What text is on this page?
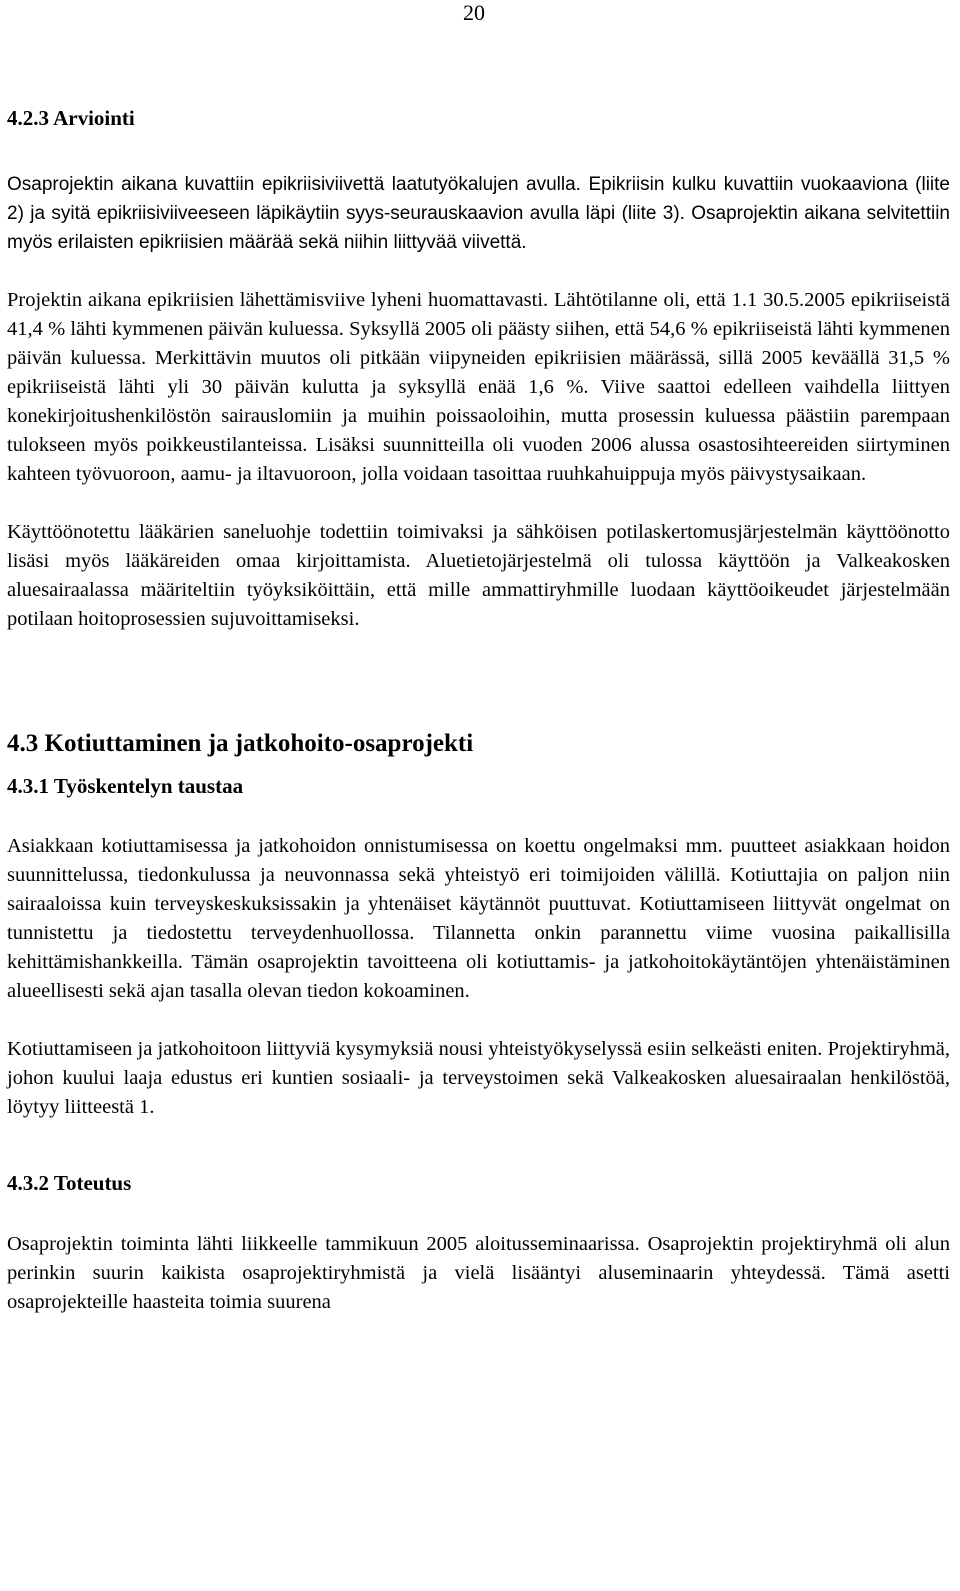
20
4.2.3 Arviointi

Osaprojektin aikana kuvattiin epikriisiviivettä laatutyökalujen avulla. Epikriisin kulku kuvattiin vuokaaviona (liite 2) ja syitä epikriisiviiveeseen läpikäytiin syys-seurauskaavion avulla läpi (liite 3). Osaprojektin aikana selvitettiin myös erilaisten epikriisien määrää sekä niihin liittyvää viivettä.

Projektin aikana epikriisien lähettämisviive lyheni huomattavasti. Lähtötilanne oli, että 1.1 30.5.2005 epikriiseistä 41,4 % lähti kymmenen päivän kuluessa. Syksyllä 2005 oli päästy siihen, että 54,6 % epikriiseistä lähti kymmenen päivän kuluessa. Merkittävin muutos oli pitkään viipyneiden epikriisien määrässä, sillä 2005 keväällä 31,5 % epikriiseistä lähti yli 30 päivän kulutta ja syksyllä enää 1,6 %. Viive saattoi edelleen vaihdella liittyen konekirjoitushenkilöstön sairauslomiin ja muihin poissaoloihin, mutta prosessin kuluessa päästiin parempaan tulokseen myös poikkeustilanteissa. Lisäksi suunnitteilla oli vuoden 2006 alussa osastosihteereiden siirtyminen kahteen työvuoroon, aamu- ja iltavuoroon, jolla voidaan tasoittaa ruuhkahuippuja myös päivystysaikaan.

Käyttöönotettu lääkärien saneluohje todettiin toimivaksi ja sähköisen potilaskertomusjärjestelmän käyttöönotto lisäsi myös lääkäreiden omaa kirjoittamista. Aluetietojärjestelmä oli tulossa käyttöön ja Valkeakosken aluesairaalassa määriteltiin työyksiköittäin, että mille ammattiryhmille luodaan käyttöoikeudet järjestelmään potilaan hoitoprosessien sujuvoittamiseksi.

4.3 Kotiuttaminen ja jatkohoito-osaprojekti
4.3.1 Työskentelyn taustaa

Asiakkaan kotiuttamisessa ja jatkohoidon onnistumisessa on koettu ongelmaksi mm. puutteet asiakkaan hoidon suunnittelussa, tiedonkulussa ja neuvonnassa sekä yhteistyö eri toimijoiden välillä. Kotiuttajia on paljon niin sairaaloissa kuin terveyskeskuksissakin ja yhtenäiset käytännöt puuttuvat. Kotiuttamiseen liittyvät ongelmat on tunnistettu ja tiedostettu terveydenhuollossa. Tilannetta onkin parannettu viime vuosina paikallisilla kehittämishankkeilla. Tämän osaprojektin tavoitteena oli kotiuttamis- ja jatkohoitokäytäntöjen yhtenäistäminen alueellisesti sekä ajan tasalla olevan tiedon kokoaminen.

Kotiuttamiseen ja jatkohoitoon liittyviä kysymyksiä nousi yhteistyökyselyssä esiin selkeästi eniten. Projektiryhmä, johon kuului laaja edustus eri kuntien sosiaali- ja terveystoimen sekä Valkeakosken aluesairaalan henkilöstöä, löytyy liitteestä 1.

4.3.2 Toteutus

Osaprojektin toiminta lähti liikkeelle tammikuun 2005 aloitusseminaarissa. Osaprojektin projektiryhmä oli alun perinkin suurin kaikista osaprojektiryhmistä ja vielä lisääntyi aluseminaarin yhteydessä. Tämä asetti osaprojekteille haasteita toimia suurena
